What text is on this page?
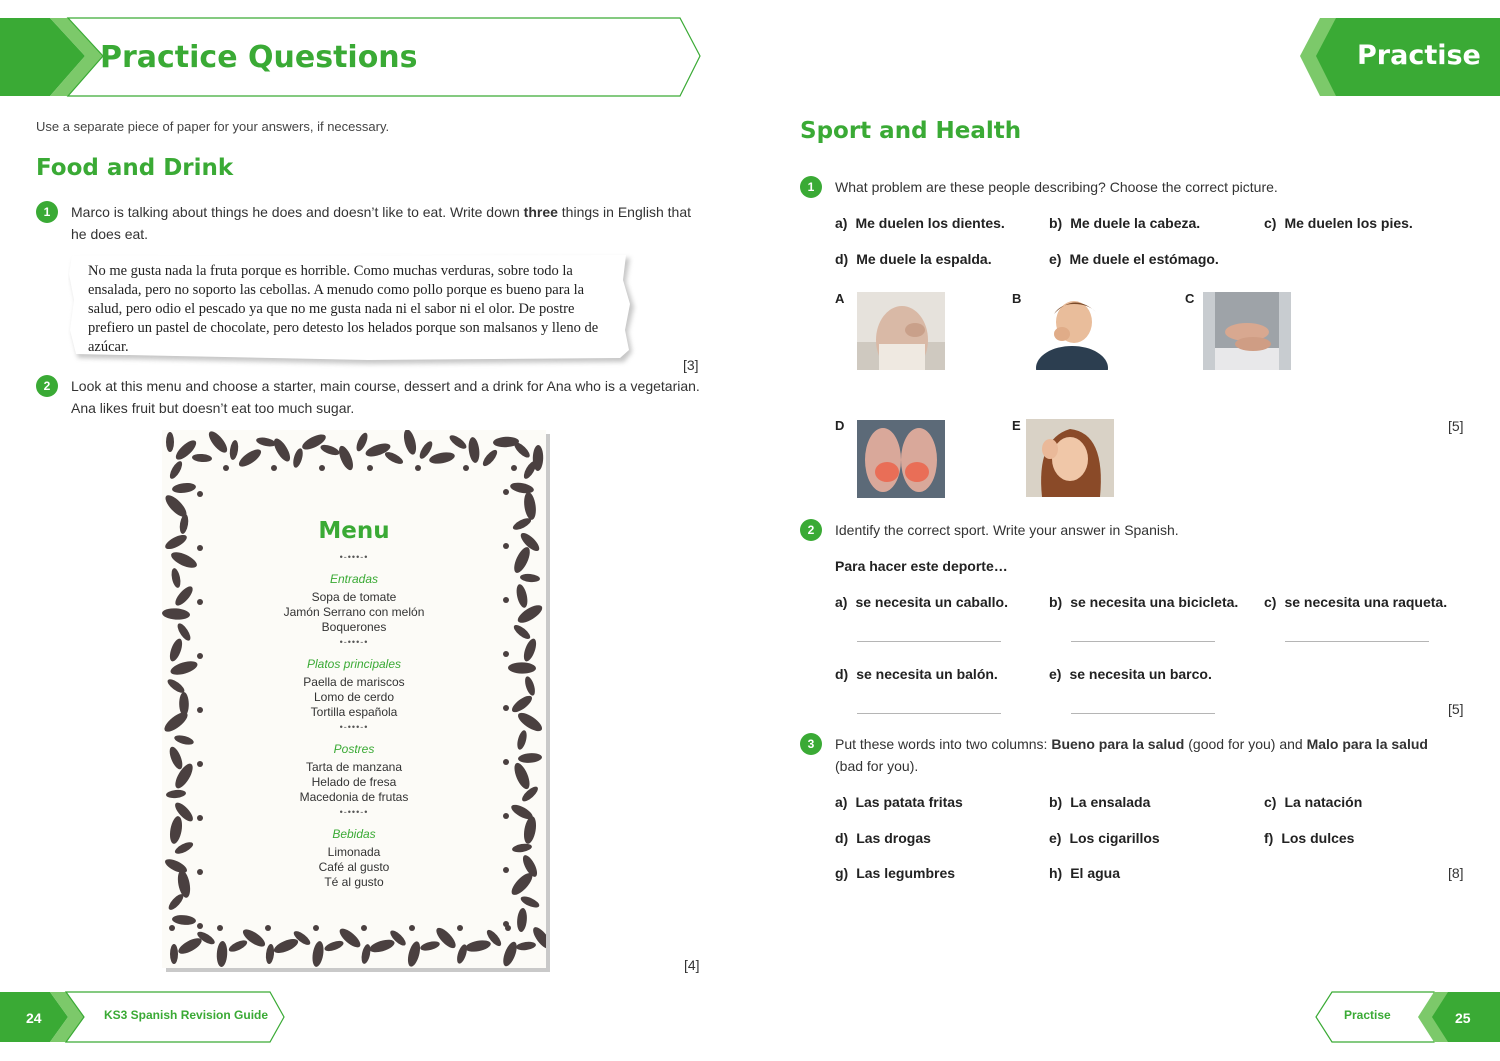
Practice Questions
Use a separate piece of paper for your answers, if necessary.
Food and Drink
1	Marco is talking about things he does and doesn’t like to eat. Write down three things in English that he does eat.
No me gusta nada la fruta porque es horrible. Como muchas verduras, sobre todo la ensalada, pero no soporto las cebollas. A menudo como pollo porque es bueno para la salud, pero odio el pescado ya que no me gusta nada ni el sabor ni el olor. De postre prefiero un pastel de chocolate, pero detesto los helados porque son malsanos y lleno de azúcar.
[3]
2	Look at this menu and choose a starter, main course, dessert and a drink for Ana who is a vegetarian. Ana likes fruit but doesn’t eat too much sugar.
Menu
•-•••-•
Entradas
Sopa de tomate
Jamón Serrano con melón
Boquerones
•-•••-•
Platos principales
Paella de mariscos
Lomo de cerdo
Tortilla española
•-•••-•
Postres
Tarta de manzana
Helado de fresa
Macedonia de frutas
•-•••-•
Bebidas
Limonada
Café al gusto
Té al gusto
[4]
24	KS3 Spanish Revision Guide
Practise
Sport and Health
1	What problem are these people describing? Choose the correct picture.
a) Me duelen los dientes.	b) Me duele la cabeza.	c) Me duelen los pies.
d) Me duele la espalda.	e) Me duele el estómago.
A	B	C
D	E	[5]
2	Identify the correct sport. Write your answer in Spanish.
Para hacer este deporte…
a) se necesita un caballo.	b) se necesita una bicicleta. c) se necesita una raqueta.
d) se necesita un balón.	e) se necesita un barco.
[5]
3	Put these words into two columns: Bueno para la salud (good for you) and Malo para la salud (bad for you).
a) Las patata fritas	b) La ensalada	c) La natación
d) Las drogas	e) Los cigarillos	f) Los dulces
g) Las legumbres	h) El agua	[8]
Practise	25
